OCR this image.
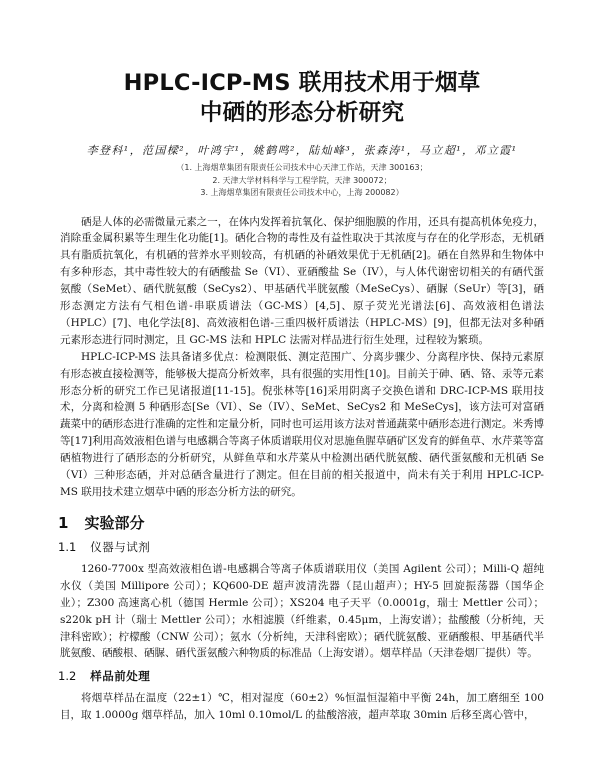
HPLC-ICP-MS 联用技术用于烟草
中硒的形态分析研究
李登科¹，范国樑²，叶鸿宇¹，姚鹤鸣²，陆灿峰³，张森涛¹，马立超¹，邓立霞¹
（1. 上海烟草集团有限责任公司技术中心天津工作站，天津 300163；
2. 天津大学材料科学与工程学院，天津 300072；
3. 上海烟草集团有限责任公司技术中心，上海 200082）

硒是人体的必需微量元素之一，在体内发挥着抗氧化、保护细胞膜的作用，还具有提高机体免疫力，消除重金属积累等生理生化功能[1]。硒化合物的毒性及有益性取决于其浓度与存在的化学形态，无机硒具有脂质抗氧化，有机硒的营养水平则较高，有机硒的补硒效果优于无机硒[2]。硒在自然界和生物体中有多种形态，其中毒性较大的有硒酸盐 Se（VI）、亚硒酸盐 Se（IV），与人体代谢密切相关的有硒代蛋氨酸（SeMet）、硒代胱氨酸（SeCys2）、甲基硒代半胱氨酸（MeSeCys）、硒脲（SeUr）等[3]，硒形态测定方法有气相色谱-串联质谱法（GC-MS）[4,5]、原子荧光光谱法[6]、高效液相色谱法（HPLC）[7]、电化学法[8]、高效液相色谱-三重四极杆质谱法（HPLC-MS）[9]，但都无法对多种硒元素形态进行同时测定，且 GC-MS 法和 HPLC 法需对样品进行衍生处理，过程较为繁琐。

HPLC-ICP-MS 法具备诸多优点：检测限低、测定范围广、分离步骤少、分离程序快、保持元素原有形态被直接检测等，能够极大提高分析效率，具有很强的实用性[10]。目前关于砷、硒、铬、汞等元素形态分析的研究工作已见诸报道[11-15]。倪张林等[16]采用阴离子交换色谱和 DRC-ICP-MS 联用技术，分离和检测 5 种硒形态[Se（VI）、Se（IV）、SeMet、SeCys2 和 MeSeCys]，该方法可对富硒蔬菜中的硒形态进行准确的定性和定量分析，同时也可运用该方法对普通蔬菜中硒形态进行测定。米秀博等[17]利用高效液相色谱与电感耦合等离子体质谱联用仪对思施鱼腥草硒矿区发育的鲜鱼草、水芹菜等富硒植物进行了硒形态的分析研究，从鲜鱼草和水芹菜从中检测出硒代胱氨酸、硒代蛋氨酸和无机硒 Se（VI）三种形态硒，并对总硒含量进行了测定。但在目前的相关报道中，尚未有关于利用 HPLC-ICP-MS 联用技术建立烟草中硒的形态分析方法的研究。

1 实验部分
1.1 仪器与试剂

1260-7700x 型高效液相色谱-电感耦合等离子体质谱联用仪（美国 Agilent 公司）；Milli-Q 超纯水仪（美国 Millipore 公司）；KQ600-DE 超声波清洗器（昆山超声）；HY-5 回旋振荡器（国华企业）；Z300 高速离心机（德国 Hermle 公司）；XS204 电子天平（0.0001g，瑞士 Mettler 公司）；s220k pH 计（瑞士 Mettler 公司）；水相滤膜（纤维素，0.45μm，上海安谱）；盐酸酸（分析纯，天津科密欧）；柠檬酸（CNW 公司）；氨水（分析纯，天津科密欧）；硒代胱氨酸、亚硒酸根、甲基硒代半胱氨酸、硒酸根、硒脲、硒代蛋氨酸六种物质的标准品（上海安谱）。烟草样品（天津卷烟厂提供）等。

1.2 样品前处理

将烟草样品在温度（22±1）℃，相对湿度（60±2）%恒温恒湿箱中平衡 24h，加工磨细至 100 目，取 1.0000g 烟草样品，加入 10ml 0.10mol/L 的盐酸溶液，超声萃取 30min 后移至离心管中，
